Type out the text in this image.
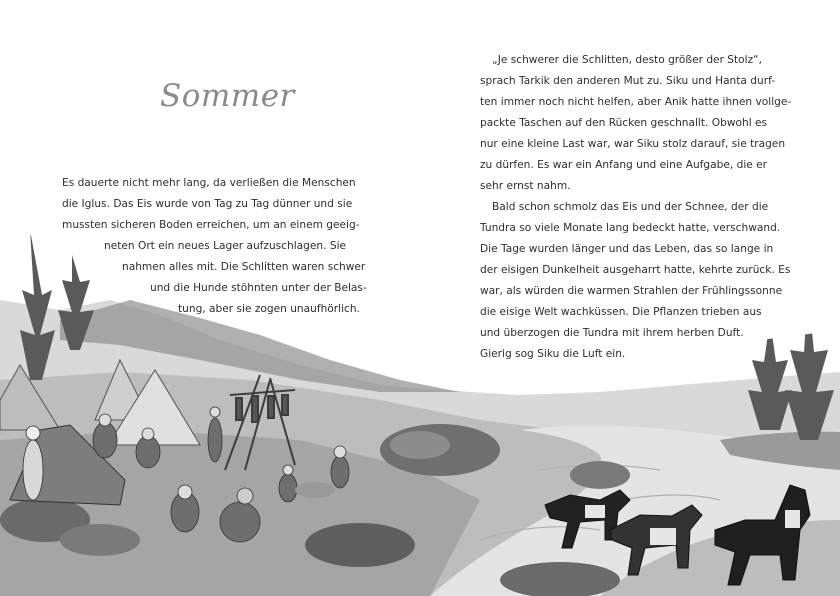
Sommer
Es dauerte nicht mehr lang, da verließen die Menschen
die Iglus. Das Eis wurde von Tag zu Tag dünner und sie
mussten sicheren Boden erreichen, um an einem geeig-
neten Ort ein neues Lager aufzuschlagen. Sie
nahmen alles mit. Die Schlitten waren schwer
und die Hunde stöhnten unter der Belas-
tung, aber sie zogen unaufhörlich.
„Je schwerer die Schlitten, desto größer der Stolz“,
sprach Tarkik den anderen Mut zu. Siku und Hanta durf-
ten immer noch nicht helfen, aber Anik hatte ihnen vollge-
packte Taschen auf den Rücken geschnallt. Obwohl es
nur eine kleine Last war, war Siku stolz darauf, sie tragen
zu dürfen. Es war ein Anfang und eine Aufgabe, die er
sehr ernst nahm.
Bald schon schmolz das Eis und der Schnee, der die
Tundra so viele Monate lang bedeckt hatte, verschwand.
Die Tage wurden länger und das Leben, das so lange in
der eisigen Dunkelheit ausgeharrt hatte, kehrte zurück. Es
war, als würden die warmen Strahlen der Frühlingssonne
die eisige Welt wachküssen. Die Pflanzen trieben aus
und überzogen die Tundra mit ihrem herben Duft.
Gierig sog Siku die Luft ein.
